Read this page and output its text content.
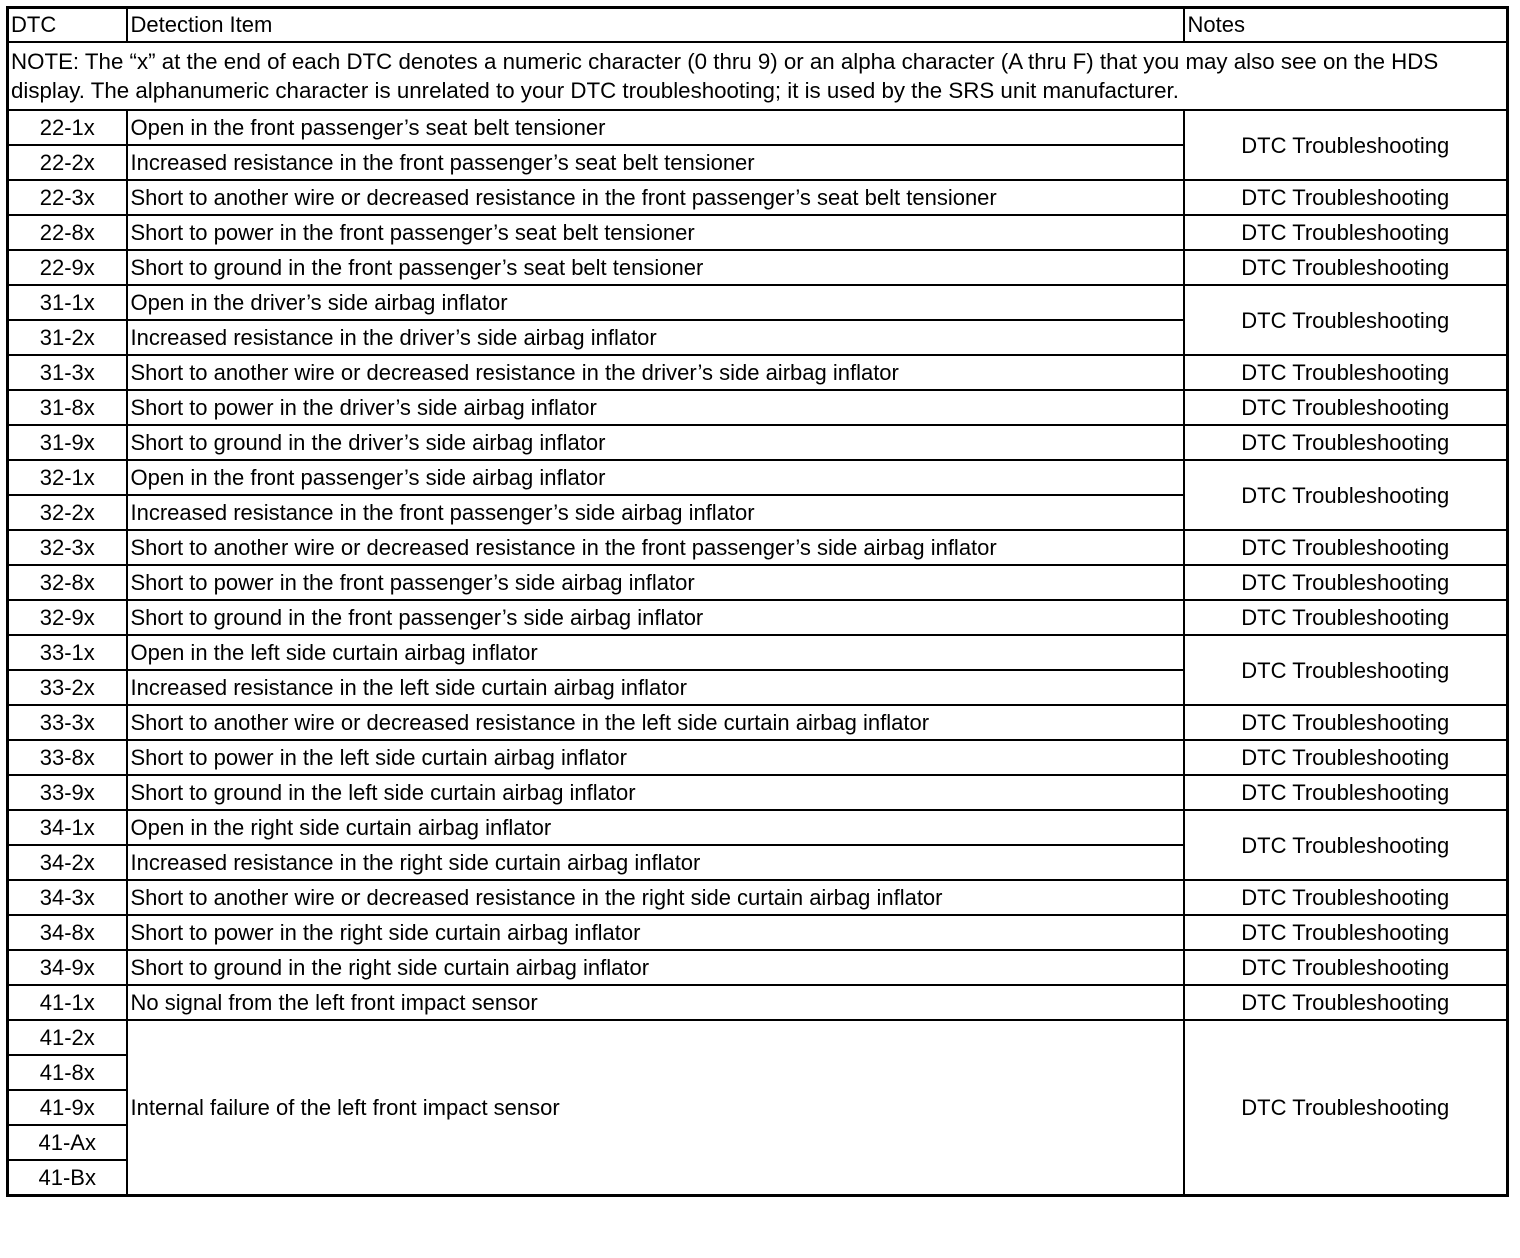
DTC	Detection Item	Notes
NOTE: The “x” at the end of each DTC denotes a numeric character (0 thru 9) or an alpha character (A thru F) that you may also see on the HDS display. The alphanumeric character is unrelated to your DTC troubleshooting; it is used by the SRS unit manufacturer.		
22-1x	Open in the front passenger’s seat belt tensioner	DTC Troubleshooting
22-2x	Increased resistance in the front passenger’s seat belt tensioner	
22-3x	Short to another wire or decreased resistance in the front passenger’s seat belt tensioner	DTC Troubleshooting
22-8x	Short to power in the front passenger’s seat belt tensioner	DTC Troubleshooting
22-9x	Short to ground in the front passenger’s seat belt tensioner	DTC Troubleshooting
31-1x	Open in the driver’s side airbag inflator	DTC Troubleshooting
31-2x	Increased resistance in the driver’s side airbag inflator	
31-3x	Short to another wire or decreased resistance in the driver’s side airbag inflator	DTC Troubleshooting
31-8x	Short to power in the driver’s side airbag inflator	DTC Troubleshooting
31-9x	Short to ground in the driver’s side airbag inflator	DTC Troubleshooting
32-1x	Open in the front passenger’s side airbag inflator	DTC Troubleshooting
32-2x	Increased resistance in the front passenger’s side airbag inflator	
32-3x	Short to another wire or decreased resistance in the front passenger’s side airbag inflator	DTC Troubleshooting
32-8x	Short to power in the front passenger’s side airbag inflator	DTC Troubleshooting
32-9x	Short to ground in the front passenger’s side airbag inflator	DTC Troubleshooting
33-1x	Open in the left side curtain airbag inflator	DTC Troubleshooting
33-2x	Increased resistance in the left side curtain airbag inflator	
33-3x	Short to another wire or decreased resistance in the left side curtain airbag inflator	DTC Troubleshooting
33-8x	Short to power in the left side curtain airbag inflator	DTC Troubleshooting
33-9x	Short to ground in the left side curtain airbag inflator	DTC Troubleshooting
34-1x	Open in the right side curtain airbag inflator	DTC Troubleshooting
34-2x	Increased resistance in the right side curtain airbag inflator	
34-3x	Short to another wire or decreased resistance in the right side curtain airbag inflator	DTC Troubleshooting
34-8x	Short to power in the right side curtain airbag inflator	DTC Troubleshooting
34-9x	Short to ground in the right side curtain airbag inflator	DTC Troubleshooting
41-1x	No signal from the left front impact sensor	DTC Troubleshooting
41-2x	Internal failure of the left front impact sensor	DTC Troubleshooting
41-8x		
41-9x		
41-Ax		
41-Bx		
